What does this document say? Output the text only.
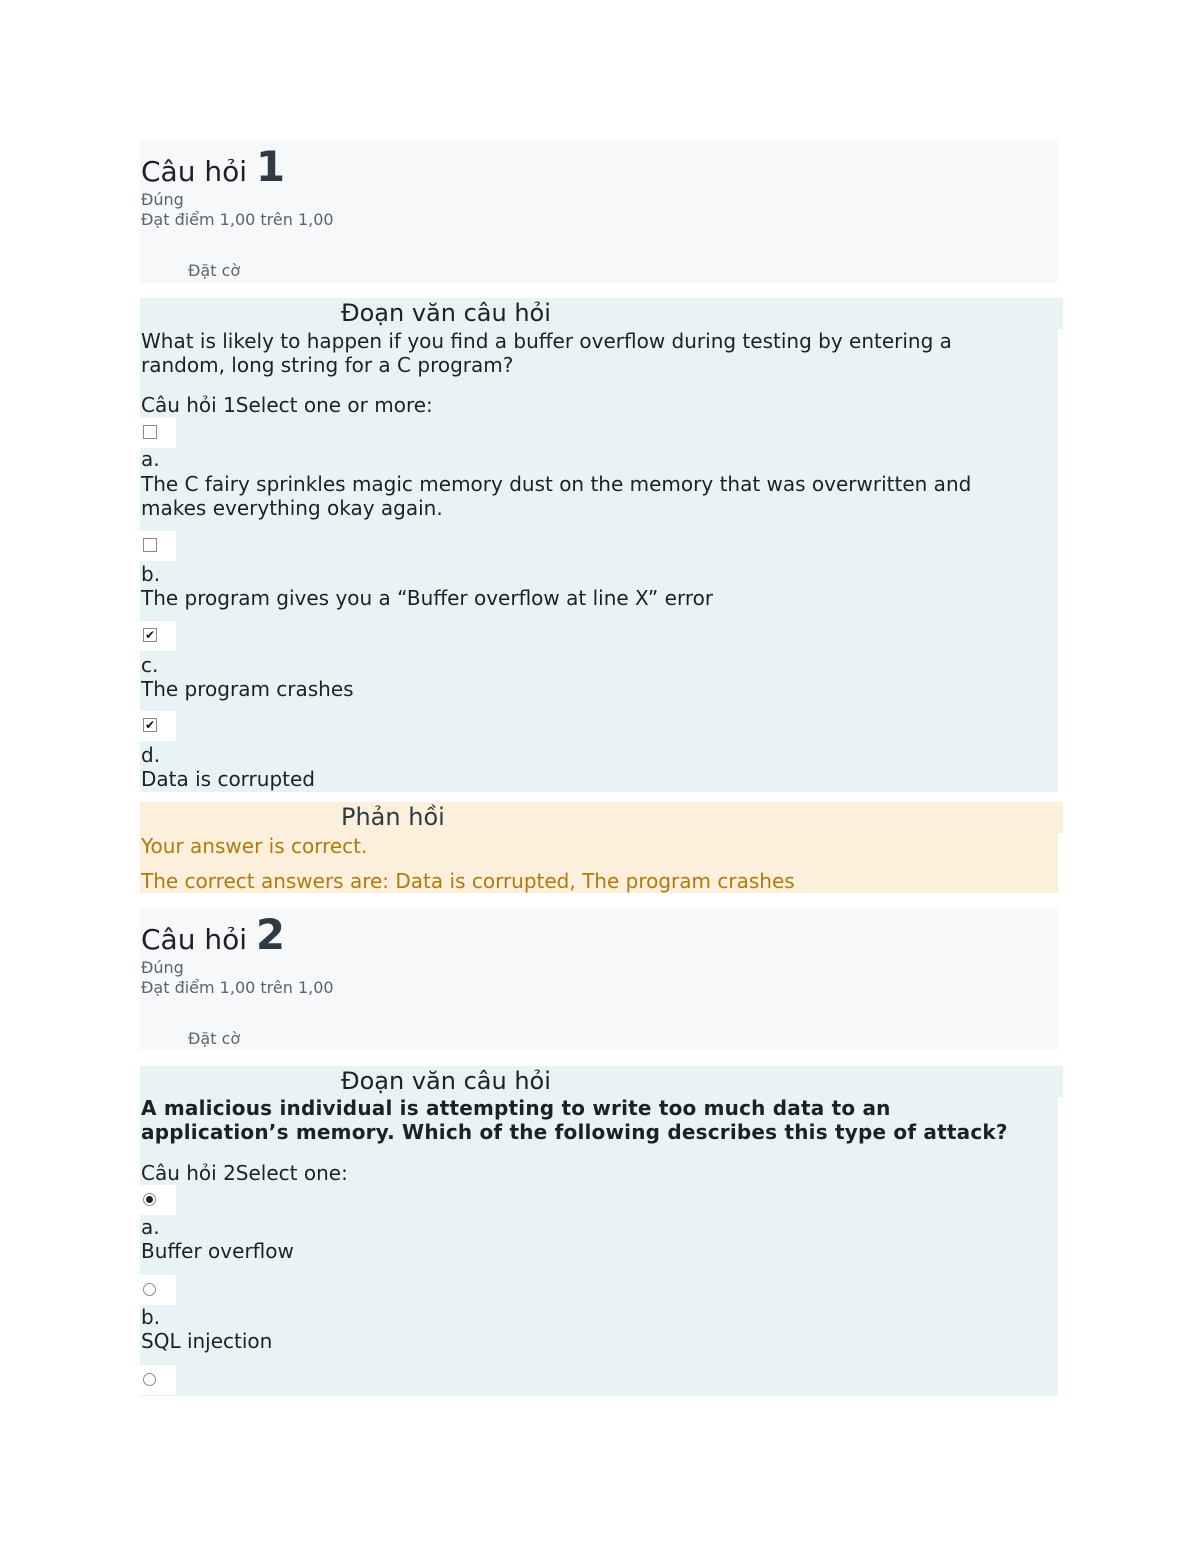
Câu hỏi 1
Đúng
Đạt điểm 1,00 trên 1,00
Đặt cờ
Đoạn văn câu hỏi
What is likely to happen if you find a buffer overflow during testing by entering a random, long string for a C program?
Câu hỏi 1Select one or more:
a.
The C fairy sprinkles magic memory dust on the memory that was overwritten and makes everything okay again.
b.
The program gives you a “Buffer overflow at line X” error
✔
c.
The program crashes
✔
d.
Data is corrupted
Phản hồi
Your answer is correct.
The correct answers are: Data is corrupted, The program crashes
Câu hỏi 2
Đúng
Đạt điểm 1,00 trên 1,00
Đặt cờ
Đoạn văn câu hỏi
A malicious individual is attempting to write too much data to an application’s memory. Which of the following describes this type of attack?
Câu hỏi 2Select one:
a.
Buffer overflow
b.
SQL injection
